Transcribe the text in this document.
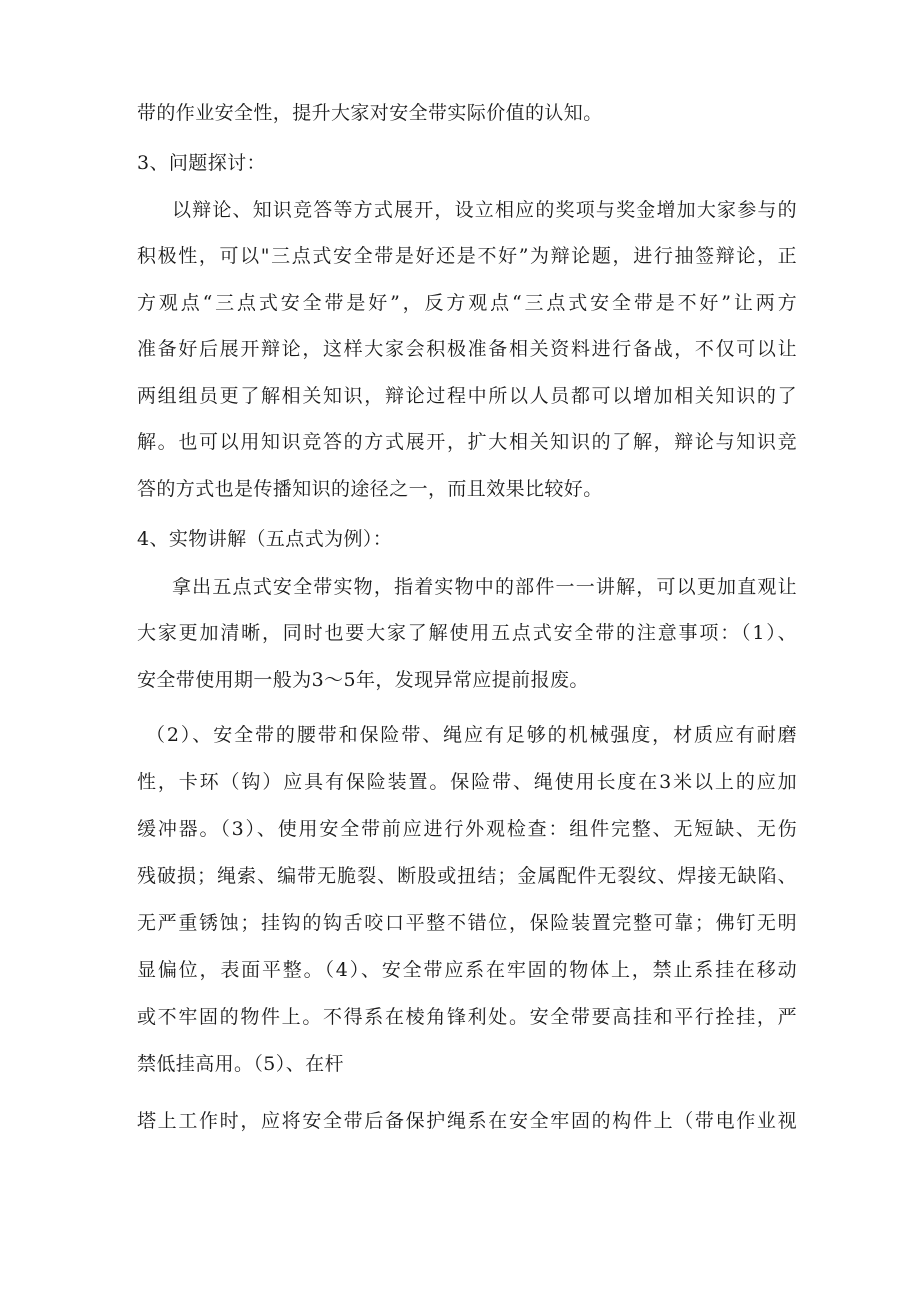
带的作业安全性，提升大家对安全带实际价值的认知。
3、问题探讨：
以辩论、知识竞答等方式展开，设立相应的奖项与奖金增加大家参与的
积极性，可以"三点式安全带是好还是不好”为辩论题，进行抽签辩论，正
方观点“三点式安全带是好”，反方观点“三点式安全带是不好”让两方
准备好后展开辩论，这样大家会积极准备相关资料进行备战，不仅可以让
两组组员更了解相关知识，辩论过程中所以人员都可以增加相关知识的了
解。也可以用知识竞答的方式展开，扩大相关知识的了解，辩论与知识竞
答的方式也是传播知识的途径之一，而且效果比较好。
4、实物讲解（五点式为例）：
拿出五点式安全带实物，指着实物中的部件一一讲解，可以更加直观让
大家更加清晰，同时也要大家了解使用五点式安全带的注意事项：（1）、
安全带使用期一般为3～5年，发现异常应提前报废。
（2）、安全带的腰带和保险带、绳应有足够的机械强度，材质应有耐磨
性，卡环（钩）应具有保险装置。保险带、绳使用长度在3米以上的应加
缓冲器。（3）、使用安全带前应进行外观检查：组件完整、无短缺、无伤
残破损；绳索、编带无脆裂、断股或扭结；金属配件无裂纹、焊接无缺陷、
无严重锈蚀；挂钩的钩舌咬口平整不错位，保险装置完整可靠；佛钉无明
显偏位，表面平整。（4）、安全带应系在牢固的物体上，禁止系挂在移动
或不牢固的物件上。不得系在棱角锋利处。安全带要高挂和平行拴挂，严
禁低挂高用。（5）、在杆
塔上工作时，应将安全带后备保护绳系在安全牢固的构件上（带电作业视
